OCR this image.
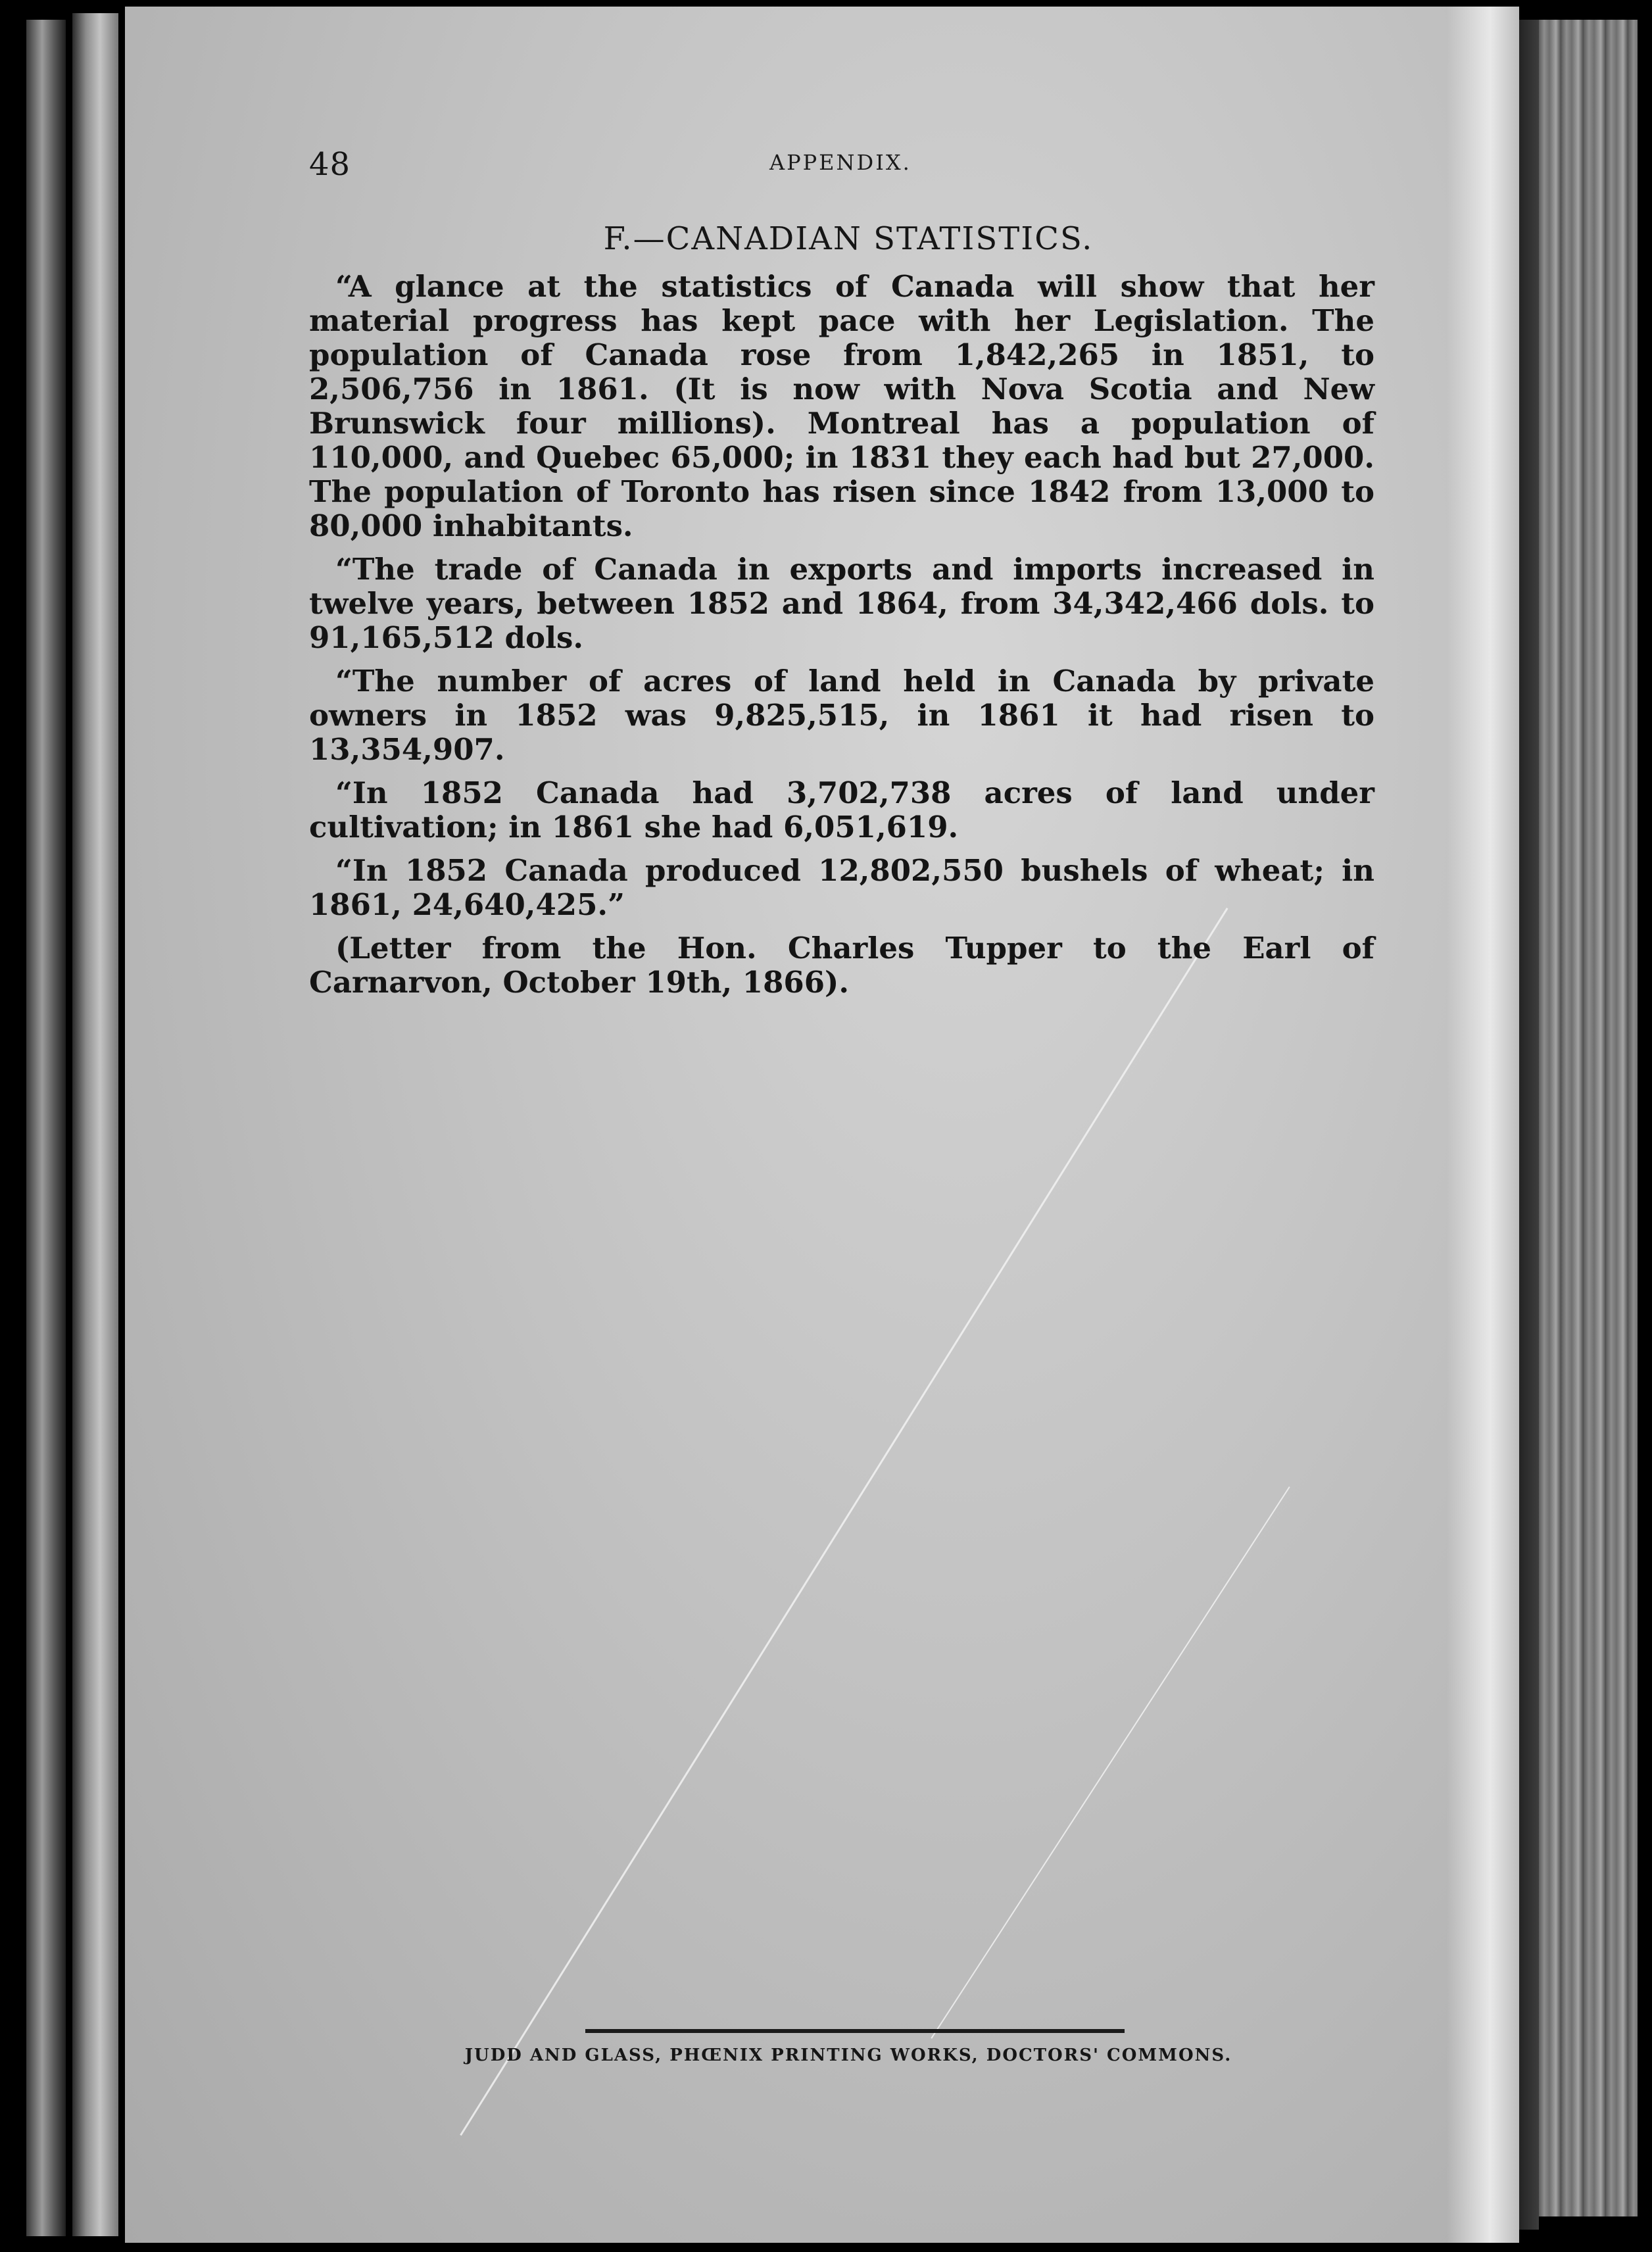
48	APPENDIX.
F.—CANADIAN STATISTICS.

“A glance at the statistics of Canada will show that her material progress has kept pace with her Legislation. The population of Canada rose from 1,842,265 in 1851, to 2,506,756 in 1861. (It is now with Nova Scotia and New Brunswick four millions). Montreal has a population of 110,000, and Quebec 65,000; in 1831 they each had but 27,000. The population of Toronto has risen since 1842 from 13,000 to 80,000 inhabitants.

“The trade of Canada in exports and imports increased in twelve years, between 1852 and 1864, from 34,342,466 dols. to 91,165,512 dols.

“The number of acres of land held in Canada by private owners in 1852 was 9,825,515, in 1861 it had risen to 13,354,907.

“In 1852 Canada had 3,702,738 acres of land under cultivation; in 1861 she had 6,051,619.

“In 1852 Canada produced 12,802,550 bushels of wheat; in 1861, 24,640,425.”

(Letter from the Hon. Charles Tupper to the Earl of Carnarvon, October 19th, 1866).

JUDD AND GLASS, PHŒNIX PRINTING WORKS, DOCTORS' COMMONS.
